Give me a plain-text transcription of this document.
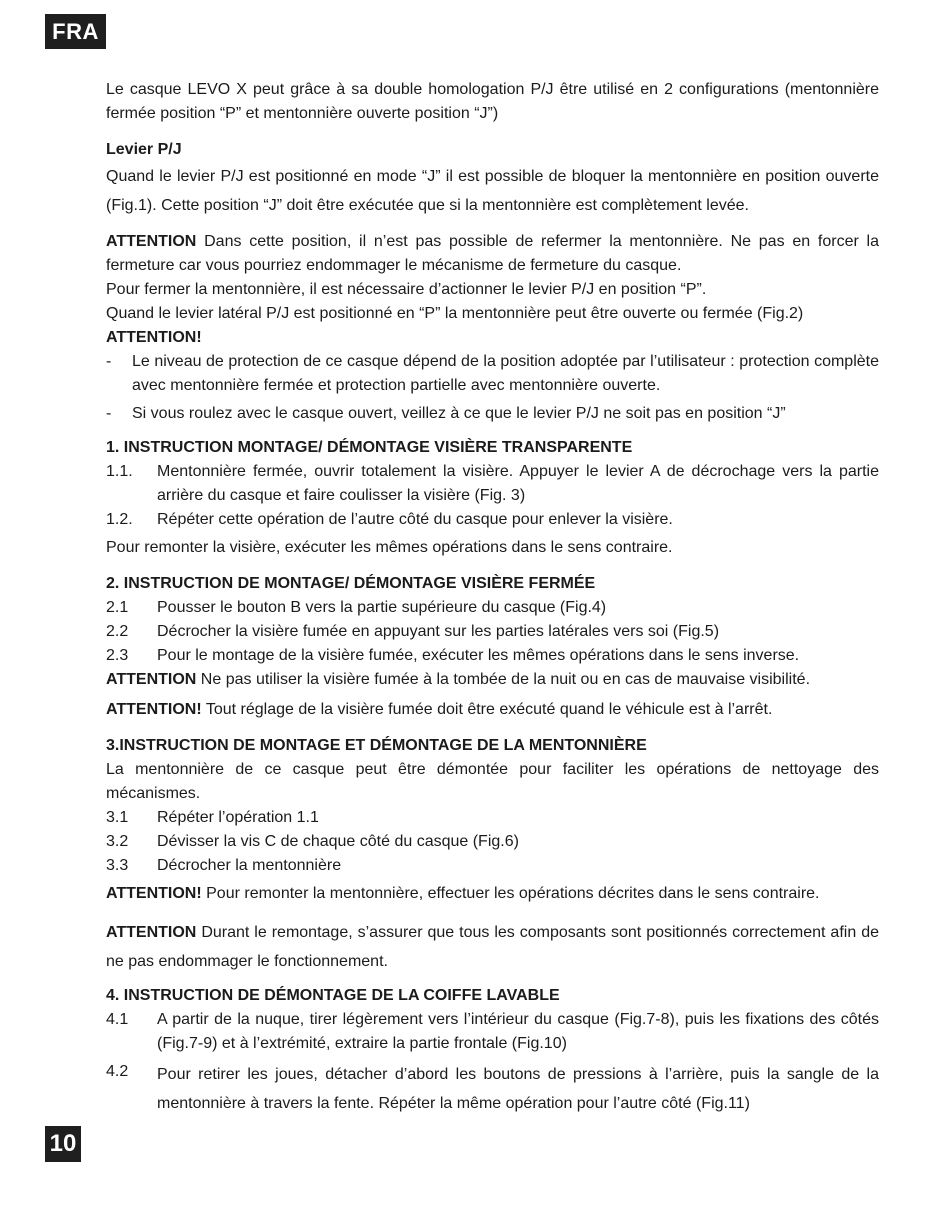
FRA

Le casque LEVO X peut grâce à sa double homologation P/J être utilisé en 2 configurations (mentonnière fermée position “P” et mentonnière ouverte position “J”)

Levier P/J

Quand le levier P/J est positionné en mode “J” il est possible de bloquer la mentonnière en position ouverte (Fig.1). Cette position “J” doit être exécutée que si la mentonnière est complètement levée.

ATTENTION Dans cette position, il n’est pas possible de refermer la mentonnière. Ne pas en forcer la fermeture car vous pourriez endommager le mécanisme de fermeture du casque.

Pour fermer la mentonnière, il est nécessaire d’actionner le levier P/J en position “P”.

Quand le levier latéral P/J est positionné en “P” la mentonnière peut être ouverte ou fermée (Fig.2)

ATTENTION!

-	Le niveau de protection de ce casque dépend de la position adoptée par l’utilisateur : protection complète avec mentonnière fermée et protection partielle avec mentonnière ouverte.
-	Si vous roulez avec le casque ouvert, veillez à ce que le levier P/J ne soit pas en position “J”

1. INSTRUCTION MONTAGE/ DÉMONTAGE VISIÈRE TRANSPARENTE

1.1.	Mentonnière fermée, ouvrir totalement la visière. Appuyer le levier A de décrochage vers la partie arrière du casque et faire coulisser la visière (Fig. 3)
1.2.	Répéter cette opération de l’autre côté du casque pour enlever la visière.

Pour remonter la visière, exécuter les mêmes opérations dans le sens contraire.

2. INSTRUCTION DE MONTAGE/ DÉMONTAGE VISIÈRE FERMÉE

2.1	Pousser le bouton B vers la partie supérieure du casque (Fig.4)
2.2	Décrocher la visière fumée en appuyant sur les parties latérales vers soi (Fig.5)
2.3	Pour le montage de la visière fumée, exécuter les mêmes opérations dans le sens inverse.

ATTENTION Ne pas utiliser la visière fumée à la tombée de la nuit ou en cas de mauvaise visibilité.

ATTENTION! Tout réglage de la visière fumée doit être exécuté quand le véhicule est à l’arrêt.

3.INSTRUCTION DE MONTAGE ET DÉMONTAGE DE LA MENTONNIÈRE

La mentonnière de ce casque peut être démontée pour faciliter les opérations de nettoyage des mécanismes.

3.1	Répéter l’opération 1.1
3.2	Dévisser la vis C de chaque côté du casque (Fig.6)
3.3	Décrocher la mentonnière

ATTENTION! Pour remonter la mentonnière, effectuer les opérations décrites dans le sens contraire.

ATTENTION Durant le remontage, s’assurer que tous les composants sont positionnés correctement afin de ne pas endommager le fonctionnement.

4. INSTRUCTION DE DÉMONTAGE DE LA COIFFE LAVABLE

4.1	A partir de la nuque, tirer légèrement vers l’intérieur du casque (Fig.7-8), puis les fixations des côtés (Fig.7-9) et à l’extrémité, extraire la partie frontale (Fig.10)
4.2	Pour retirer les joues, détacher d’abord les boutons de pressions à l’arrière, puis la sangle de la mentonnière à travers la fente. Répéter la même opération pour l’autre côté (Fig.11)
10
